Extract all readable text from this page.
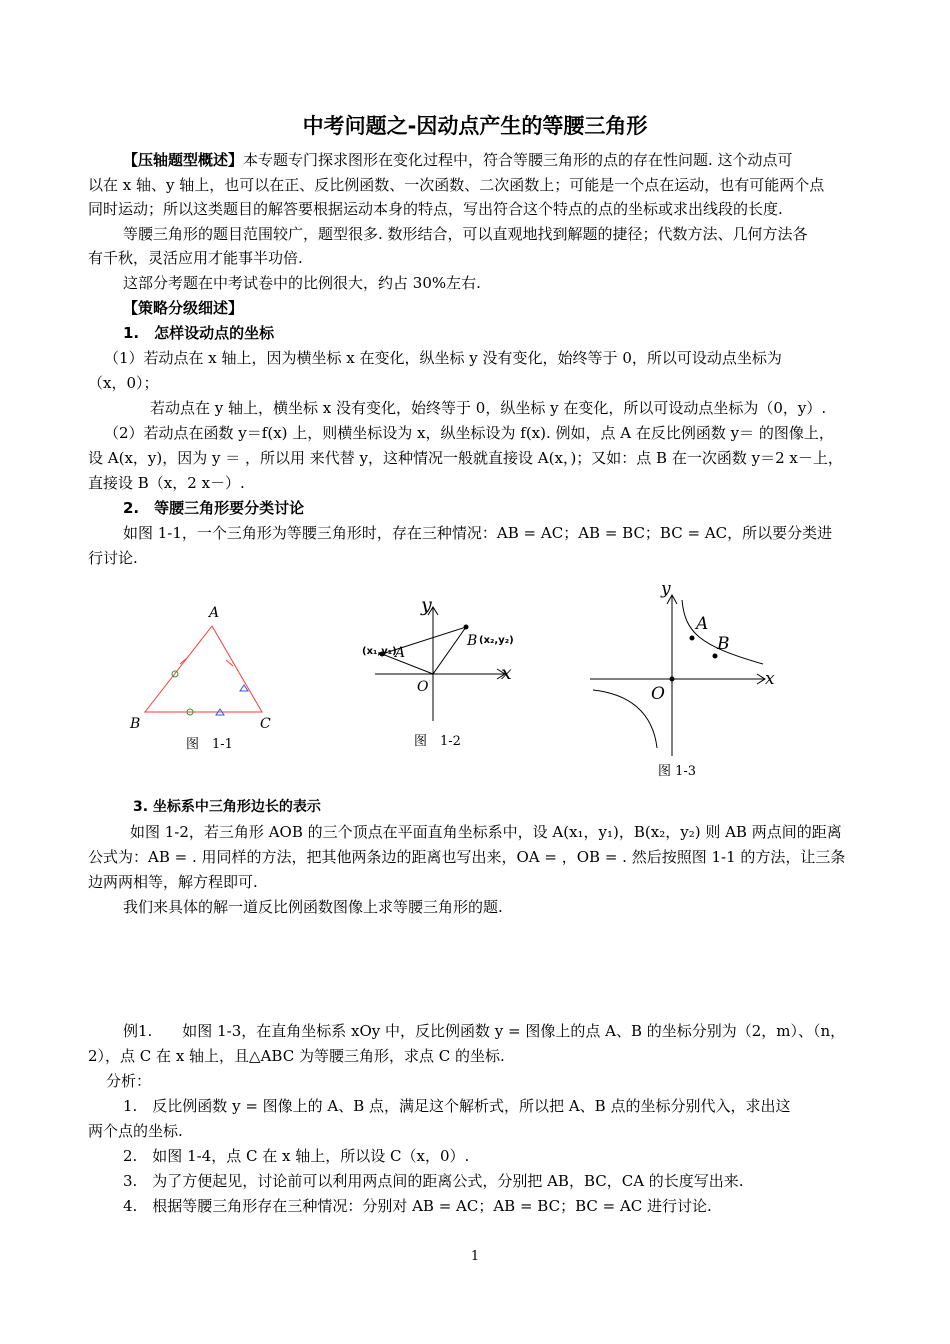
中考问题之-因动点产生的等腰三角形
【压轴题型概述】本专题专门探求图形在变化过程中，符合等腰三角形的点的存在性问题. 这个动点可
以在 x 轴、y 轴上，也可以在正、反比例函数、一次函数、二次函数上；可能是一个点在运动，也有可能两个点
同时运动；所以这类题目的解答要根据运动本身的特点，写出符合这个特点的点的坐标或求出线段的长度.
等腰三角形的题目范围较广，题型很多. 数形结合，可以直观地找到解题的捷径；代数方法、几何方法各
有千秋，灵活应用才能事半功倍.
这部分考题在中考试卷中的比例很大，约占 30%左右.
【策略分级细述】
1.　怎样设动点的坐标
（1）若动点在 x 轴上，因为横坐标 x 在变化，纵坐标 y 没有变化，始终等于 0，所以可设动点坐标为
（x，0）；
若动点在 y 轴上，横坐标 x 没有变化，始终等于 0，纵坐标 y 在变化，所以可设动点坐标为（0，y）.
（2）若动点在函数 y＝f(x) 上，则横坐标设为 x，纵坐标设为 f(x). 例如，点 A 在反比例函数 y＝ 的图像上，
设 A(x，y)，因为 y ＝ ，所以用 来代替 y，这种情况一般就直接设 A(x，)；又如：点 B 在一次函数 y＝2 x－上，
直接设 B（x，2 x－）.
2.　等腰三角形要分类讨论
如图 1-1，一个三角形为等腰三角形时，存在三种情况：AB = AC；AB = BC；BC = AC，所以要分类进
行讨论.
A
B	C
图　1-1
y
x
O
A
B
(x₁,y₁)
(x₂,y₂)
图　1-2
y
x
O
A
B
图 1-3
3. 坐标系中三角形边长的表示
如图 1-2，若三角形 AOB 的三个顶点在平面直角坐标系中，设 A(x₁，y₁)，B(x₂，y₂) 则 AB 两点间的距离
公式为：AB = . 用同样的方法，把其他两条边的距离也写出来，OA = ，OB = . 然后按照图 1-1 的方法，让三条
边两两相等，解方程即可.
我们来具体的解一道反比例函数图像上求等腰三角形的题.
例1.　　如图 1-3，在直角坐标系 xOy 中，反比例函数 y = 图像上的点 A、B 的坐标分别为（2，m）、（n，
2），点 C 在 x 轴上，且△ABC 为等腰三角形，求点 C 的坐标.
分析：
1.　反比例函数 y = 图像上的 A、B 点，满足这个解析式，所以把 A、B 点的坐标分别代入，求出这
两个点的坐标.
2.　如图 1-4，点 C 在 x 轴上，所以设 C（x，0）.
3.　为了方便起见，讨论前可以利用两点间的距离公式，分别把 AB，BC，CA 的长度写出来.
4.　根据等腰三角形存在三种情况：分别对 AB = AC；AB = BC；BC = AC 进行讨论.
1
